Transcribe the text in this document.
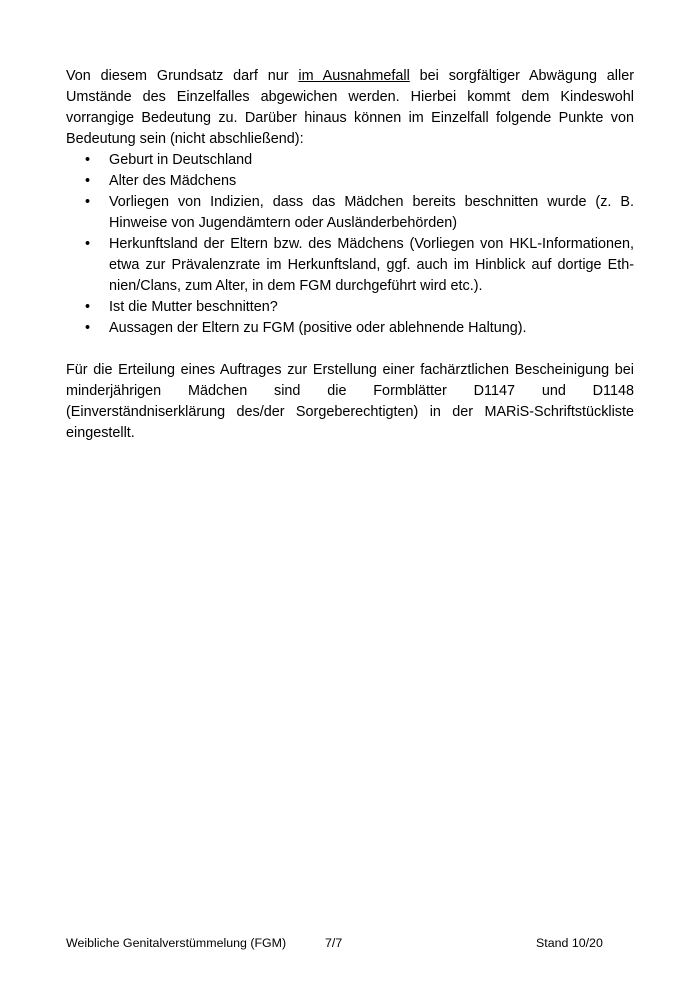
Von diesem Grundsatz darf nur im Ausnahmefall bei sorgfältiger Abwägung aller Umstände des Einzelfalles abgewichen werden. Hierbei kommt dem Kindeswohl vorrangige Bedeutung zu. Darüber hinaus können im Einzelfall folgende Punkte von Bedeutung sein (nicht abschließend):

• Geburt in Deutschland
• Alter des Mädchens
• Vorliegen von Indizien, dass das Mädchen bereits beschnitten wurde (z. B. Hinweise von Jugendämtern oder Ausländerbehörden)
• Herkunftsland der Eltern bzw. des Mädchens (Vorliegen von HKL-Informationen, etwa zur Prävalenzrate im Herkunftsland, ggf. auch im Hinblick auf dortige Ethnien/Clans, zum Alter, in dem FGM durchgeführt wird etc.).
• Ist die Mutter beschnitten?
• Aussagen der Eltern zu FGM (positive oder ablehnende Haltung).

Für die Erteilung eines Auftrages zur Erstellung einer fachärztlichen Bescheinigung bei minderjährigen Mädchen sind die Formblätter D1147 und D1148 (Einverständniserklärung des/der Sorgeberechtigten) in der MARiS-Schriftstückliste eingestellt.

Weibliche Genitalverstümmelung (FGM)	7/7	Stand 10/20
